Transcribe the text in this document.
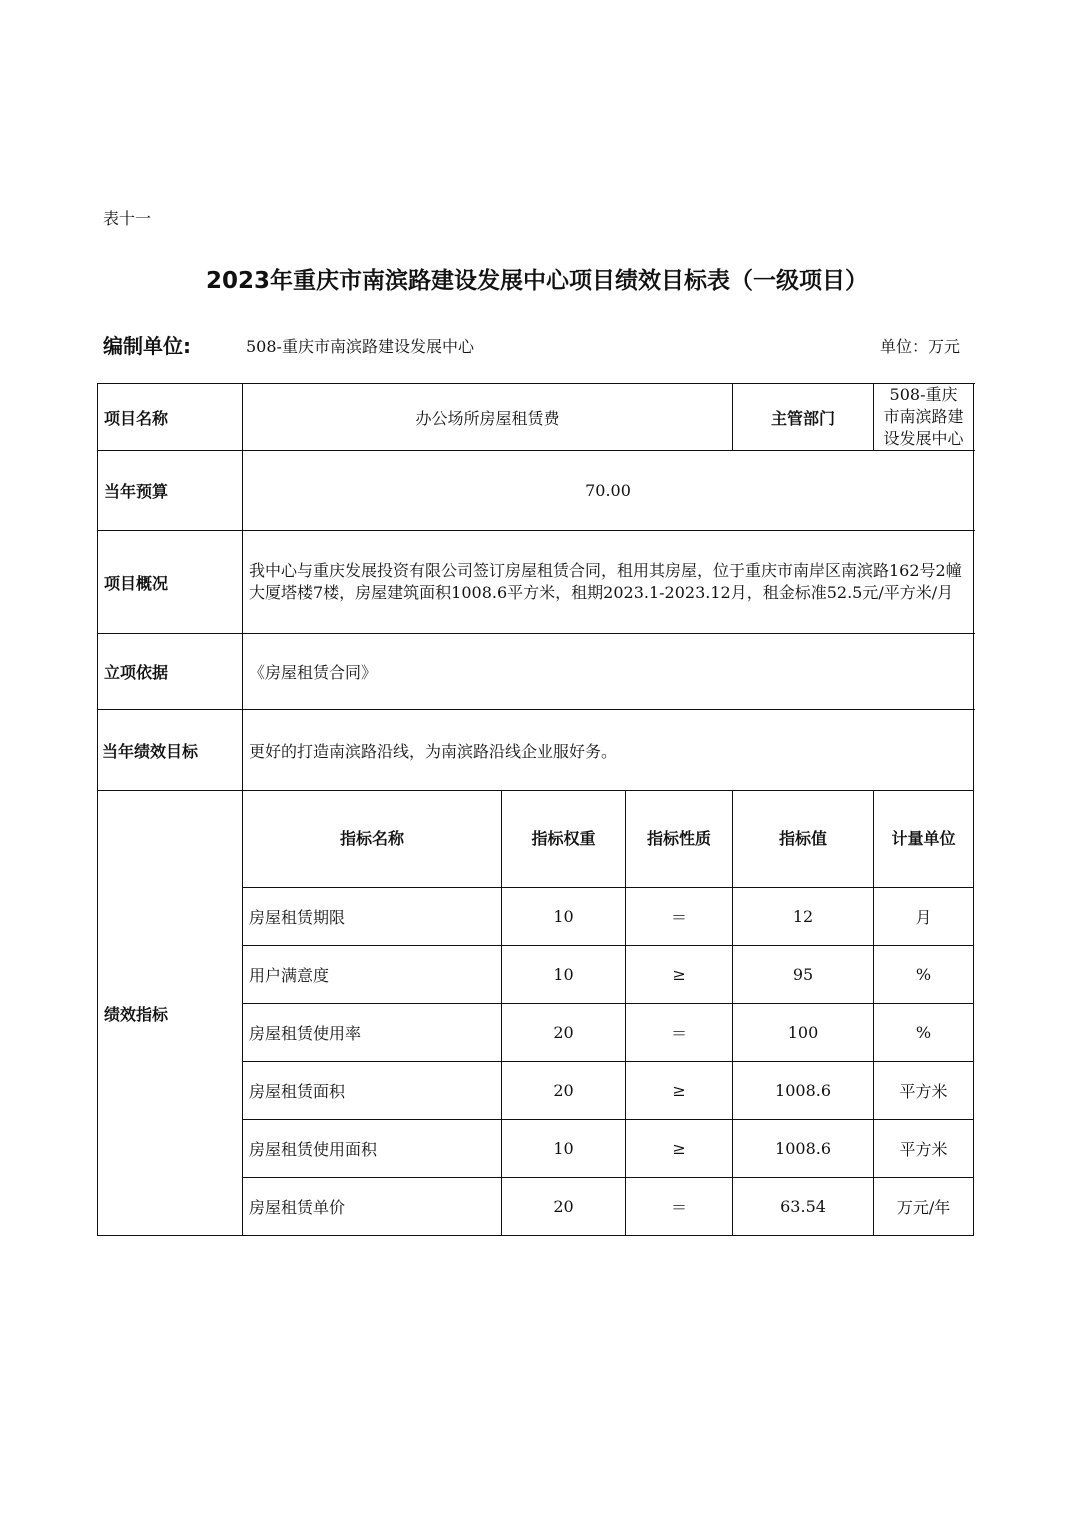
表十一
2023年重庆市南滨路建设发展中心项目绩效目标表（一级项目）
编制单位:	508-重庆市南滨路建设发展中心	单位：万元
项目名称	办公场所房屋租赁费			主管部门	508-重庆市南滨路建设发展中心	
当年预算	70.00					
项目概况	我中心与重庆发展投资有限公司签订房屋租赁合同，租用其房屋，位于重庆市南岸区南滨路162号2幢大厦塔楼7楼，房屋建筑面积1008.6平方米，租期2023.1-2023.12月，租金标准52.5元/平方米/月					
立项依据	《房屋租赁合同》					
当年绩效目标	更好的打造南滨路沿线，为南滨路沿线企业服好务。					
绩效指标	指标名称	指标权重	指标性质	指标值	计量单位	
	房屋租赁期限	10	＝	12	月	
	用户满意度	10	≥	95	%	
	房屋租赁使用率	20	＝	100	%	
	房屋租赁面积	20	≥	1008.6	平方米	
	房屋租赁使用面积	10	≥	1008.6	平方米	
	房屋租赁单价	20	＝	63.54	万元/年	
